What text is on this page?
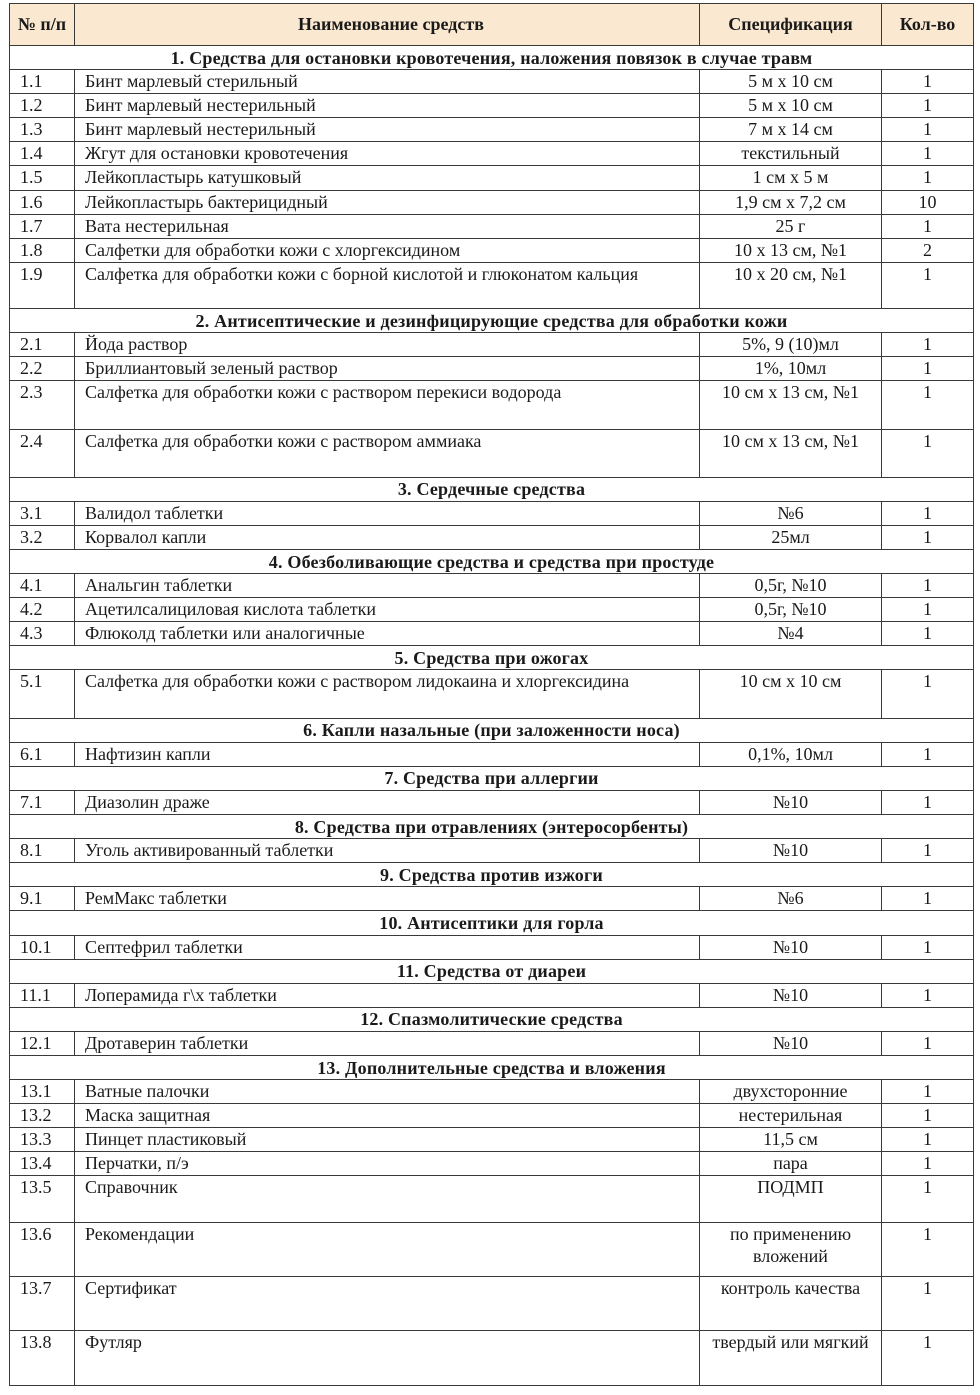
№ п/п	Наименование средств	Спецификация	Кол-во
1. Средства для остановки кровотечения, наложения повязок в случае травм			
1.1	Бинт марлевый стерильный	5 м х 10 см	1
1.2	Бинт марлевый нестерильный	5 м х 10 см	1
1.3	Бинт марлевый нестерильный	7 м х 14 см	1
1.4	Жгут для остановки кровотечения	текстильный	1
1.5	Лейкопластырь катушковый	1 см х 5 м	1
1.6	Лейкопластырь бактерицидный	1,9 см х 7,2 см	10
1.7	Вата нестерильная	25 г	1
1.8	Салфетки для обработки кожи с хлоргексидином	10 х 13 см, №1	2
1.9	Салфетка для обработки кожи с борной кислотой и глюконатом кальция	10 х 20 см, №1	1
2. Антисептические и дезинфицирующие средства для обработки кожи			
2.1	Йода раствор	5%, 9 (10)мл	1
2.2	Бриллиантовый зеленый раствор	1%, 10мл	1
2.3	Салфетка для обработки кожи с раствором перекиси водорода	10 см х 13 см, №1	1
2.4	Салфетка для обработки кожи с раствором аммиака	10 см х 13 см, №1	1
3. Сердечные средства			
3.1	Валидол таблетки	№6	1
3.2	Корвалол капли	25мл	1
4. Обезболивающие средства и средства при простуде			
4.1	Анальгин таблетки	0,5г, №10	1
4.2	Ацетилсалициловая кислота таблетки	0,5г, №10	1
4.3	Флюколд таблетки или аналогичные	№4	1
5. Средства при ожогах			
5.1	Салфетка для обработки кожи с раствором лидокаина и хлоргексидина	10 см х 10 см	1
6. Капли назальные (при заложенности носа)			
6.1	Нафтизин капли	0,1%, 10мл	1
7. Средства при аллергии			
7.1	Диазолин драже	№10	1
8. Средства при отравлениях (энтеросорбенты)			
8.1	Уголь активированный таблетки	№10	1
9. Средства против изжоги			
9.1	РемМакс таблетки	№6	1
10. Антисептики для горла			
10.1	Септефрил таблетки	№10	1
11. Средства от диареи			
11.1	Лоперамида г\х таблетки	№10	1
12. Спазмолитические средства			
12.1	Дротаверин таблетки	№10	1
13. Дополнительные средства и вложения			
13.1	Ватные палочки	двухсторонние	1
13.2	Маска защитная	нестерильная	1
13.3	Пинцет пластиковый	11,5 см	1
13.4	Перчатки, п/э	пара	1
13.5	Справочник	ПОДМП	1
13.6	Рекомендации	по применению вложений	1
13.7	Сертификат	контроль качества	1
13.8	Футляр	твердый или мягкий	1
